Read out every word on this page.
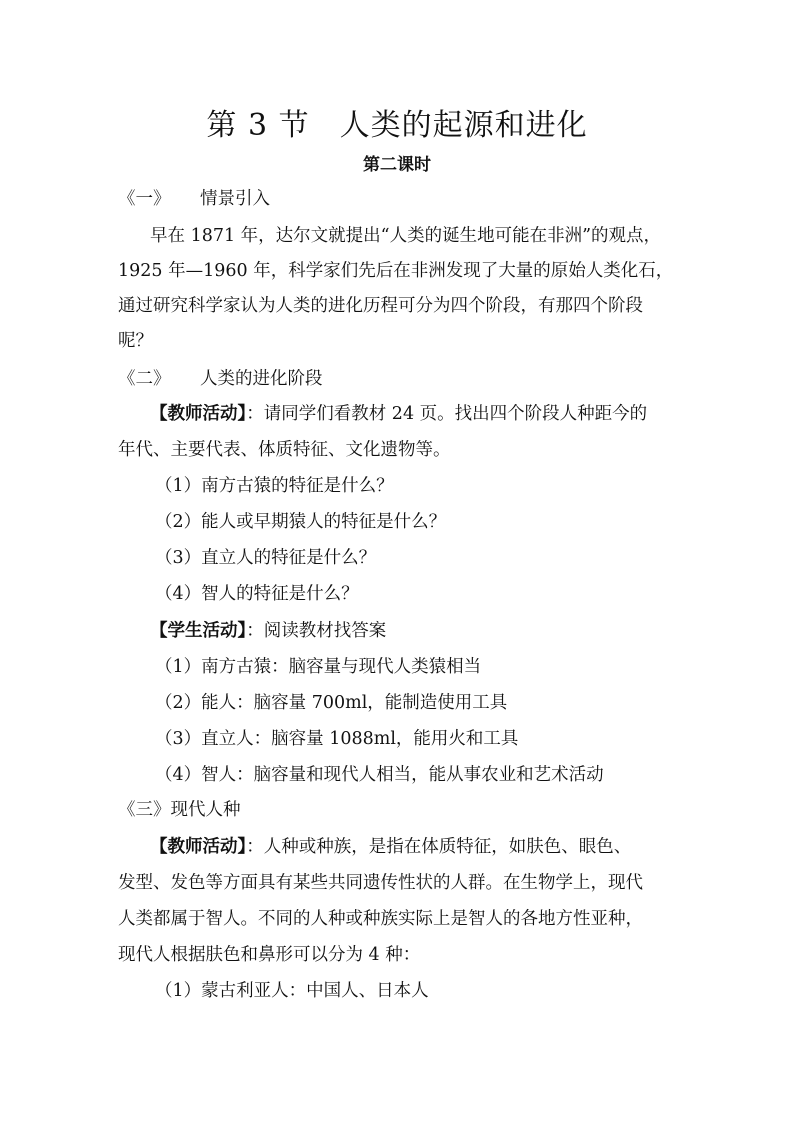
第 3 节 人类的起源和进化
第二课时
《一》 情景引入
早在 1871 年，达尔文就提出“人类的诞生地可能在非洲”的观点，
1925 年—1960 年，科学家们先后在非洲发现了大量的原始人类化石，
通过研究科学家认为人类的进化历程可分为四个阶段，有那四个阶段
呢？
《二》 人类的进化阶段
【教师活动】：请同学们看教材 24 页。找出四个阶段人种距今的
年代、主要代表、体质特征、文化遗物等。
（1）南方古猿的特征是什么？
（2）能人或早期猿人的特征是什么？
（3）直立人的特征是什么？
（4）智人的特征是什么？
【学生活动】：阅读教材找答案
（1）南方古猿：脑容量与现代人类猿相当
（2）能人：脑容量 700ml，能制造使用工具
（3）直立人：脑容量 1088ml，能用火和工具
（4）智人：脑容量和现代人相当，能从事农业和艺术活动
《三》现代人种
【教师活动】：人种或种族，是指在体质特征，如肤色、眼色、
发型、发色等方面具有某些共同遗传性状的人群。在生物学上，现代
人类都属于智人。不同的人种或种族实际上是智人的各地方性亚种，
现代人根据肤色和鼻形可以分为 4 种：
（1）蒙古利亚人：中国人、日本人
